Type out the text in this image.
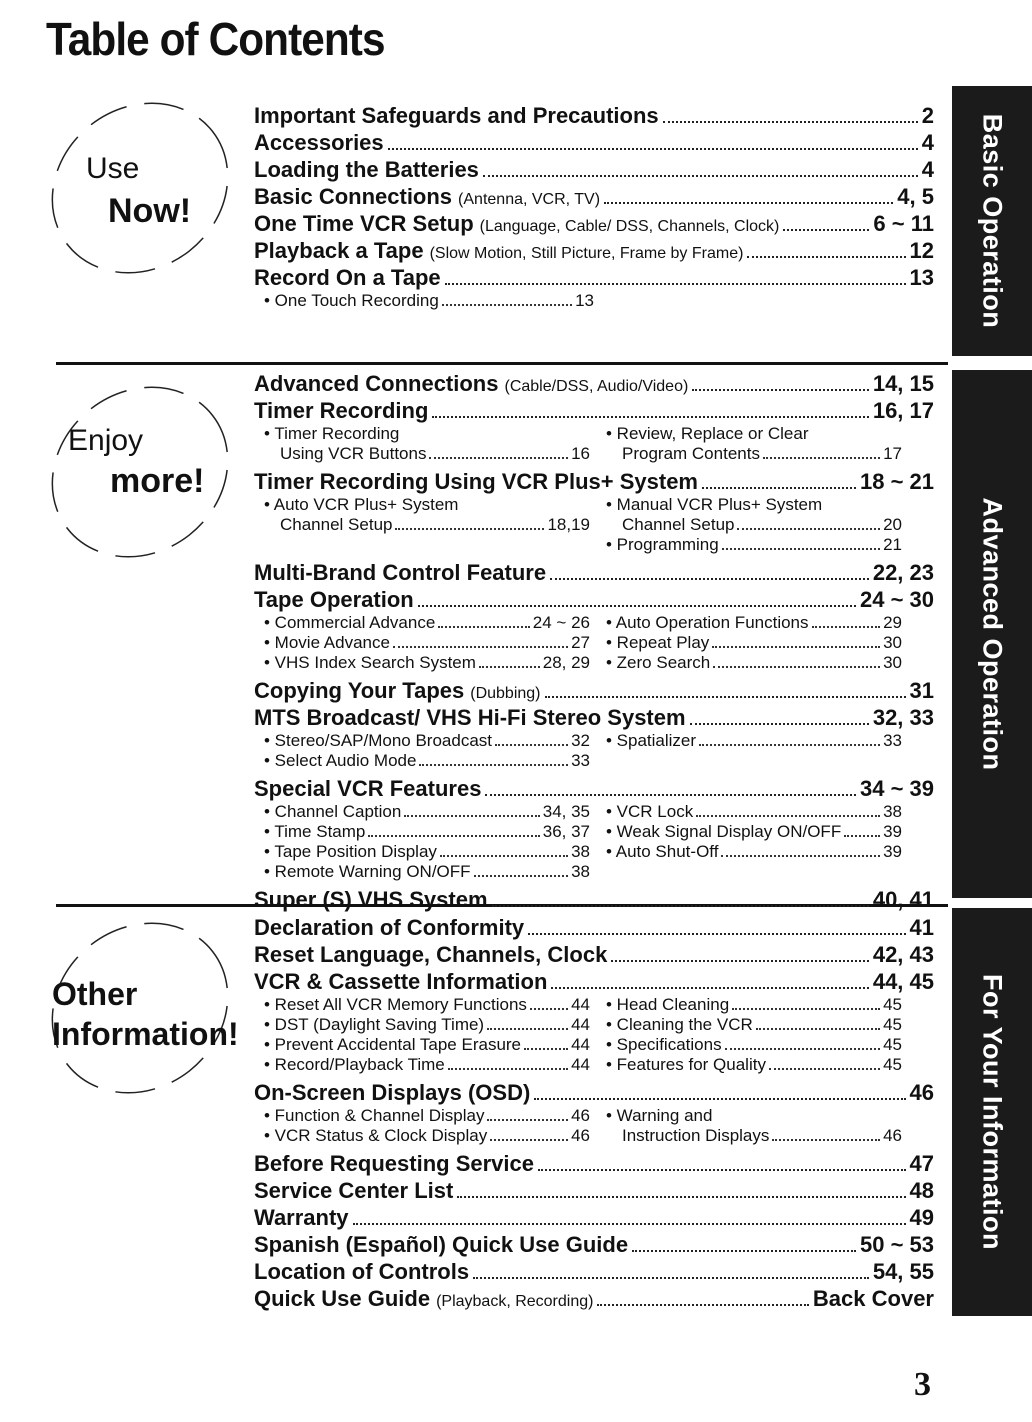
Table of Contents
Basic Operation
Advanced Operation
For Your Information
Use
Now!
Enjoy
more!
Other
Information!
Important Safeguards and Precautions	2
Accessories	4
Loading the Batteries	4
Basic Connections (Antenna, VCR, TV)	4, 5
One Time VCR Setup (Language, Cable/ DSS, Channels, Clock)	6 ~ 11
Playback a Tape (Slow Motion, Still Picture, Frame by Frame)	12
Record On a Tape	13
• One Touch Recording	13
Advanced Connections (Cable/DSS, Audio/Video)	14, 15
Timer Recording	16, 17
• Timer Recording	• Review, Replace or Clear
Using VCR Buttons	16	Program Contents	17
Timer Recording Using VCR Plus+ System	18 ~ 21
• Auto VCR Plus+ System	• Manual VCR Plus+ System
Channel Setup	18,19	Channel Setup	20
• Programming	21
Multi-Brand Control Feature	22, 23
Tape Operation	24 ~ 30
• Commercial Advance	24 ~ 26 • Auto Operation Functions	29
• Movie Advance	27 • Repeat Play	30
• VHS Index Search System	28, 29 • Zero Search	30
Copying Your Tapes (Dubbing)	31
MTS Broadcast/ VHS Hi-Fi Stereo System	32, 33
• Stereo/SAP/Mono Broadcast	32 • Spatializer	33
• Select Audio Mode	33
Special VCR Features	34 ~ 39
• Channel Caption	34, 35 • VCR Lock	38
• Time Stamp	36, 37 • Weak Signal Display ON/OFF 39
• Tape Position Display	38 • Auto Shut-Off	39
• Remote Warning ON/OFF	38
Super (S) VHS System	40, 41
Declaration of Conformity	41
Reset Language, Channels, Clock	42, 43
VCR & Cassette Information	44, 45
• Reset All VCR Memory Functions	44 • Head Cleaning	45
• DST (Daylight Saving Time)	44 • Cleaning the VCR	45
• Prevent Accidental Tape Erasure	44 • Specifications	45
• Record/Playback Time	44 • Features for Quality	45
On-Screen Displays (OSD)	46
• Function & Channel Display	46 • Warning and
• VCR Status & Clock Display	46	Instruction Displays	46
Before Requesting Service	47
Service Center List	48
Warranty	49
Spanish (Español) Quick Use Guide	50 ~ 53
Location of Controls	54, 55
Quick Use Guide (Playback, Recording)	Back Cover
3
